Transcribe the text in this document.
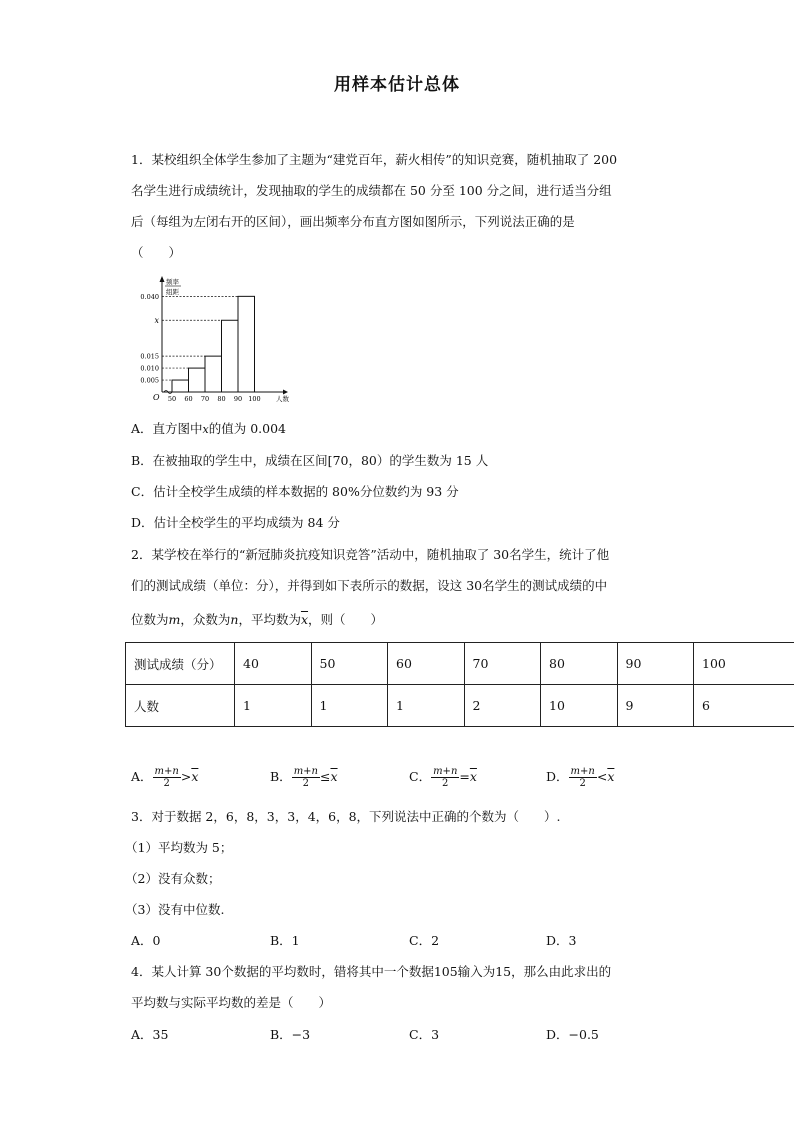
用样本估计总体
1．某校组织全体学生参加了主题为“建党百年，薪火相传”的知识竞赛，随机抽取了 200
名学生进行成绩统计，发现抽取的学生的成绩都在 50 分至 100 分之间，进行适当分组
后（每组为左闭右开的区间），画出频率分布直方图如图所示，下列说法正确的是
（　　）
O
频率
组距
0.005
0.010
0.015
x
0.040
50 60 70 80 90 100 人数
A．直方图中x的值为 0.004
B．在被抽取的学生中，成绩在区间[70，80）的学生数为 15 人
C．估计全校学生成绩的样本数据的 80%分位数约为 93 分
D．估计全校学生的平均成绩为 84 分
2．某学校在举行的“新冠肺炎抗疫知识竞答”活动中，随机抽取了 30名学生，统计了他
们的测试成绩（单位：分），并得到如下表所示的数据，设这 30名学生的测试成绩的中
位数为m，众数为n，平均数为$\overline{x}$，则（　　）
测试成绩（分）	40	50	60	70	80	90	100
人数	1	1	1	2	10	9	6
A． $\frac{m+n}{2} >\overline{x}$	B． $\frac{m+n}{2} \le\overline{x}$	C． $\frac{m+n}{2} =\overline{x}$	D． $\frac{m+n}{2} <\overline{x}$
3．对于数据 2，6，8，3，3，4，6，8，下列说法中正确的个数为（　　）.
（1）平均数为 5；
（2）没有众数；
（3）没有中位数.
A．0	B．1	C．2	D．3
4．某人计算 30个数据的平均数时，错将其中一个数据105输入为15，那么由此求出的
平均数与实际平均数的差是（　　）
A．35	B．−3	C．3	D．−0.5
